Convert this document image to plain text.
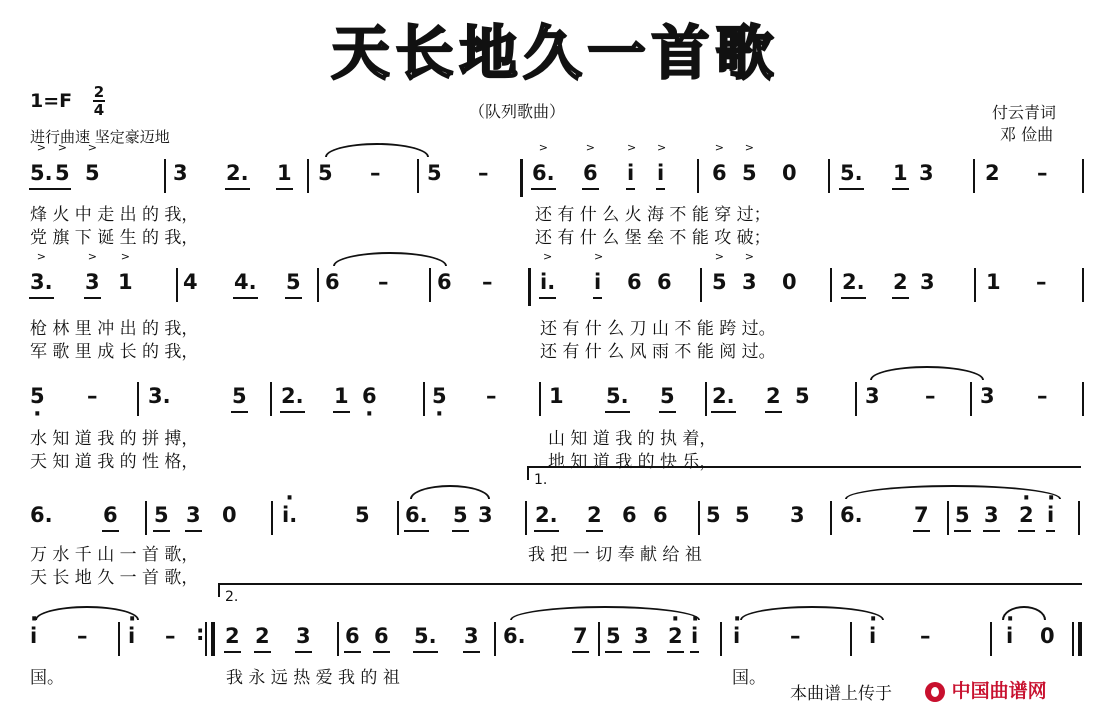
天长地久一首歌
（队列歌曲）
1=F 2
4
进行曲速 坚定豪迈地
付云青词
邓 俭曲
> 5. > 5 > 5	3 2. 1 5 – 5 – > 6. > 6 > i > i > 6 > 5 0 5. 1 3 2 –
> 3. > 3 > 1 4 4. 5 6 – 6 – > i. > i 6 6 > 5 > 3 0 2. 2 3 1 –
· 5 – 3.	5 2. 1 · 6	· 5 –	1 5. 5 2. 2 5	3 – 3 –
6. 6 5 3 0 · i.	5 6. 5 3 2. 2 6 6 5 5 3 6. 7 5 3 · 2 · i
· i – · i – : 2 2 3 6 6 5. 3 6. 7 5 3 · 2 · i · i –	· i –	· i 0
烽 火 中 走 出 的 我，	还 有 什 么 火 海 不 能 穿 过；
党 旗 下 诞 生 的 我，	还 有 什 么 堡 垒 不 能 攻 破；
枪 林 里 冲 出 的 我，	还 有 什 么 刀 山 不 能 跨 过。
军 歌 里 成 长 的 我，	还 有 什 么 风 雨 不 能 阅 过。
水 知 道 我 的 拼 搏，	山 知 道 我 的 执 着，
天 知 道 我 的 性 格，	地 知 道 我 的 快 乐，
万 水 千 山 一 首 歌，	我 把 一 切 奉 献 给 祖
天 长 地 久 一 首 歌，
国。	我 永 远 热 爱 我 的 祖	国。
1.
2.
本曲谱上传于	中国曲谱网
